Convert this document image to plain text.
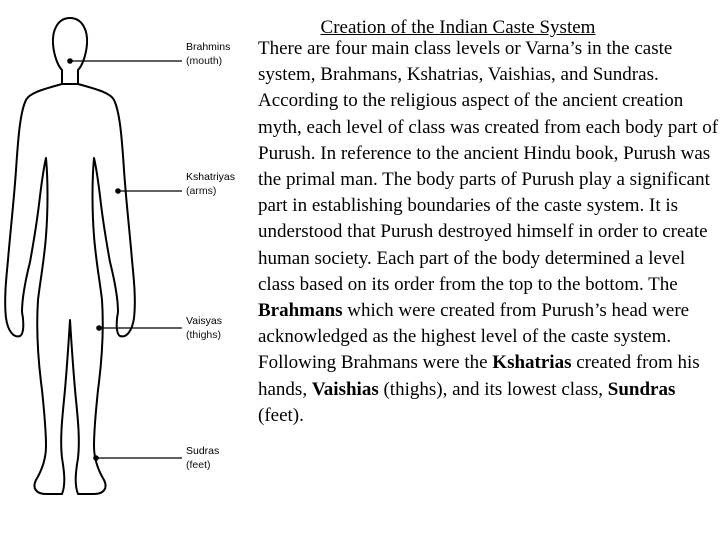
Brahmins
(mouth)
Kshatriyas
(arms)
Vaisyas
(thighs)
Sudras
(feet)
Creation of the Indian Caste System

There are four main class levels or Varna’s in the caste system, Brahmans, Kshatrias, Vaishias, and Sundras. According to the religious aspect of the ancient creation myth, each level of class was created from each body part of Purush. In reference to the ancient Hindu book, Purush was the primal man. The body parts of Purush play a significant part in establishing boundaries of the caste system. It is understood that Purush destroyed himself in order to create human society. Each part of the body determined a level class based on its order from the top to the bottom. The Brahmans which were created from Purush’s head were acknowledged as the highest level of the caste system. Following Brahmans were the Kshatrias created from his hands, Vaishias (thighs), and its lowest class, Sundras (feet).
